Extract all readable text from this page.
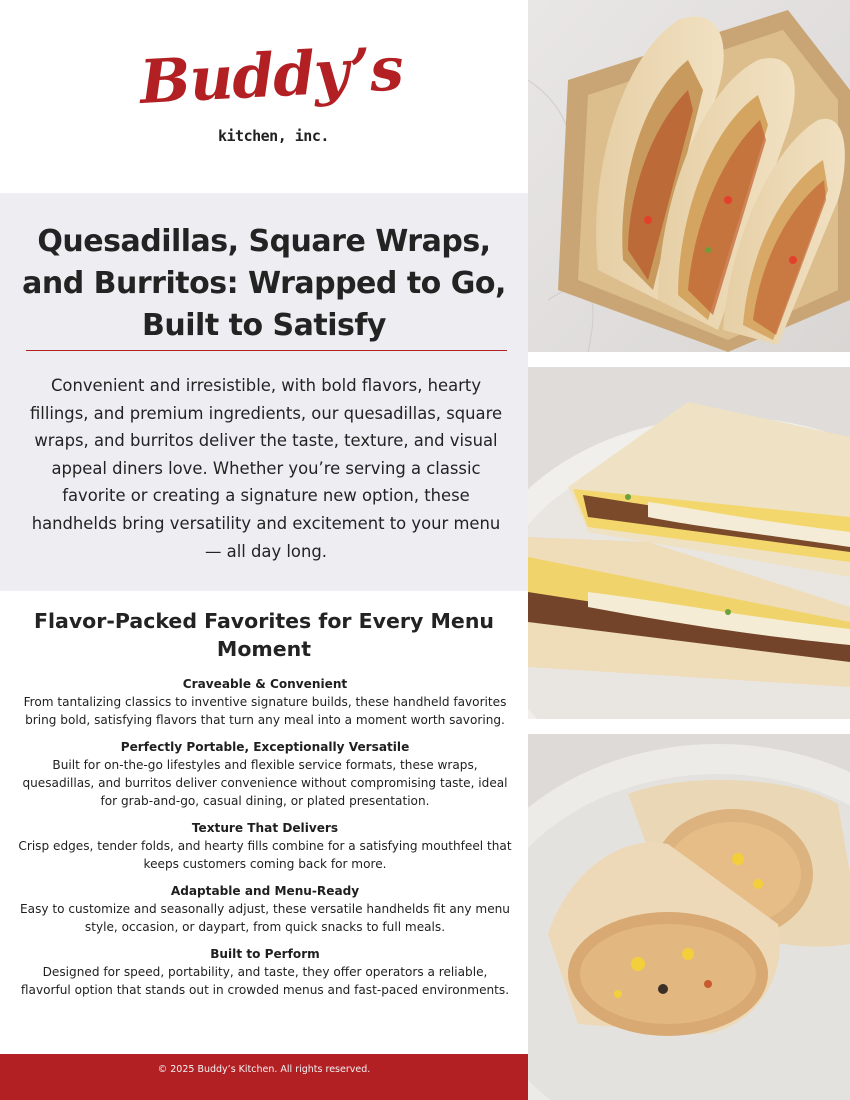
Buddy’s
kitchen, inc.
Quesadillas, Square Wraps, and Burritos: Wrapped to Go, Built to Satisfy

Convenient and irresistible, with bold flavors, hearty fillings, and premium ingredients, our quesadillas, square wraps, and burritos deliver the taste, texture, and visual appeal diners love. Whether you’re serving a classic favorite or creating a signature new option, these handhelds bring versatility and excitement to your menu — all day long.

Flavor-Packed Favorites for Every Menu Moment
Craveable & Convenient
From tantalizing classics to inventive signature builds, these handheld favorites bring bold, satisfying flavors that turn any meal into a moment worth savoring.
Perfectly Portable, Exceptionally Versatile
Built for on-the-go lifestyles and flexible service formats, these wraps, quesadillas, and burritos deliver convenience without compromising taste, ideal for grab-and-go, casual dining, or plated presentation.
Texture That Delivers
Crisp edges, tender folds, and hearty fills combine for a satisfying mouthfeel that keeps customers coming back for more.
Adaptable and Menu-Ready
Easy to customize and seasonally adjust, these versatile handhelds fit any menu style, occasion, or daypart, from quick snacks to full meals.
Built to Perform
Designed for speed, portability, and taste, they offer operators a reliable, flavorful option that stands out in crowded menus and fast-paced environments.
© 2025 Buddy’s Kitchen. All rights reserved.
